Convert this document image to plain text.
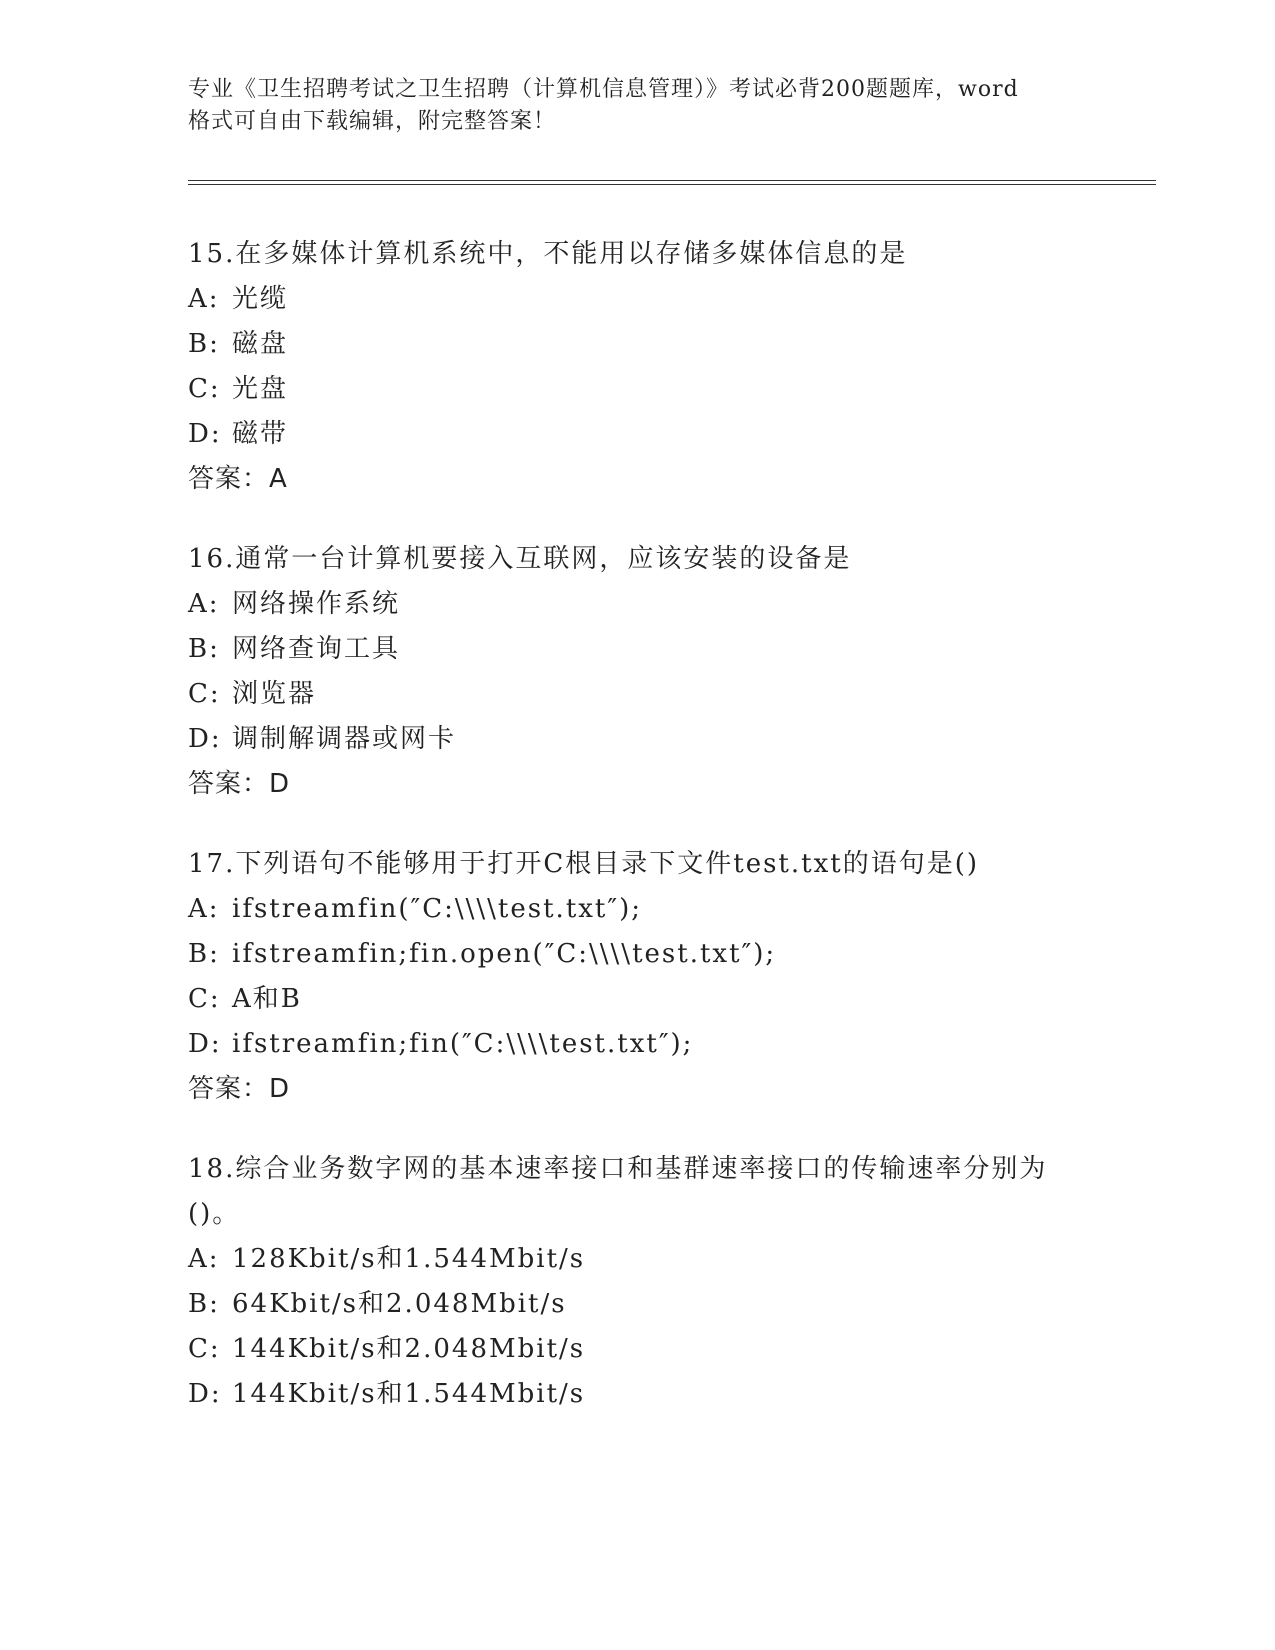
专业《卫生招聘考试之卫生招聘（计算机信息管理）》考试必背200题题库，word
格式可自由下载编辑，附完整答案！
15.在多媒体计算机系统中，不能用以存储多媒体信息的是
A: 光缆
B: 磁盘
C: 光盘
D: 磁带
答案：A
16.通常一台计算机要接入互联网，应该安装的设备是
A: 网络操作系统
B: 网络查询工具
C: 浏览器
D: 调制解调器或网卡
答案：D
17.下列语句不能够用于打开C根目录下文件test.txt的语句是()
A: ifstreamfin(″C:\\\\test.txt″);
B: ifstreamfin;fin.open(″C:\\\\test.txt″);
C: A和B
D: ifstreamfin;fin(″C:\\\\test.txt″);
答案：D
18.综合业务数字网的基本速率接口和基群速率接口的传输速率分别为
()。
A: 128Kbit/s和1.544Mbit/s
B: 64Kbit/s和2.048Mbit/s
C: 144Kbit/s和2.048Mbit/s
D: 144Kbit/s和1.544Mbit/s
